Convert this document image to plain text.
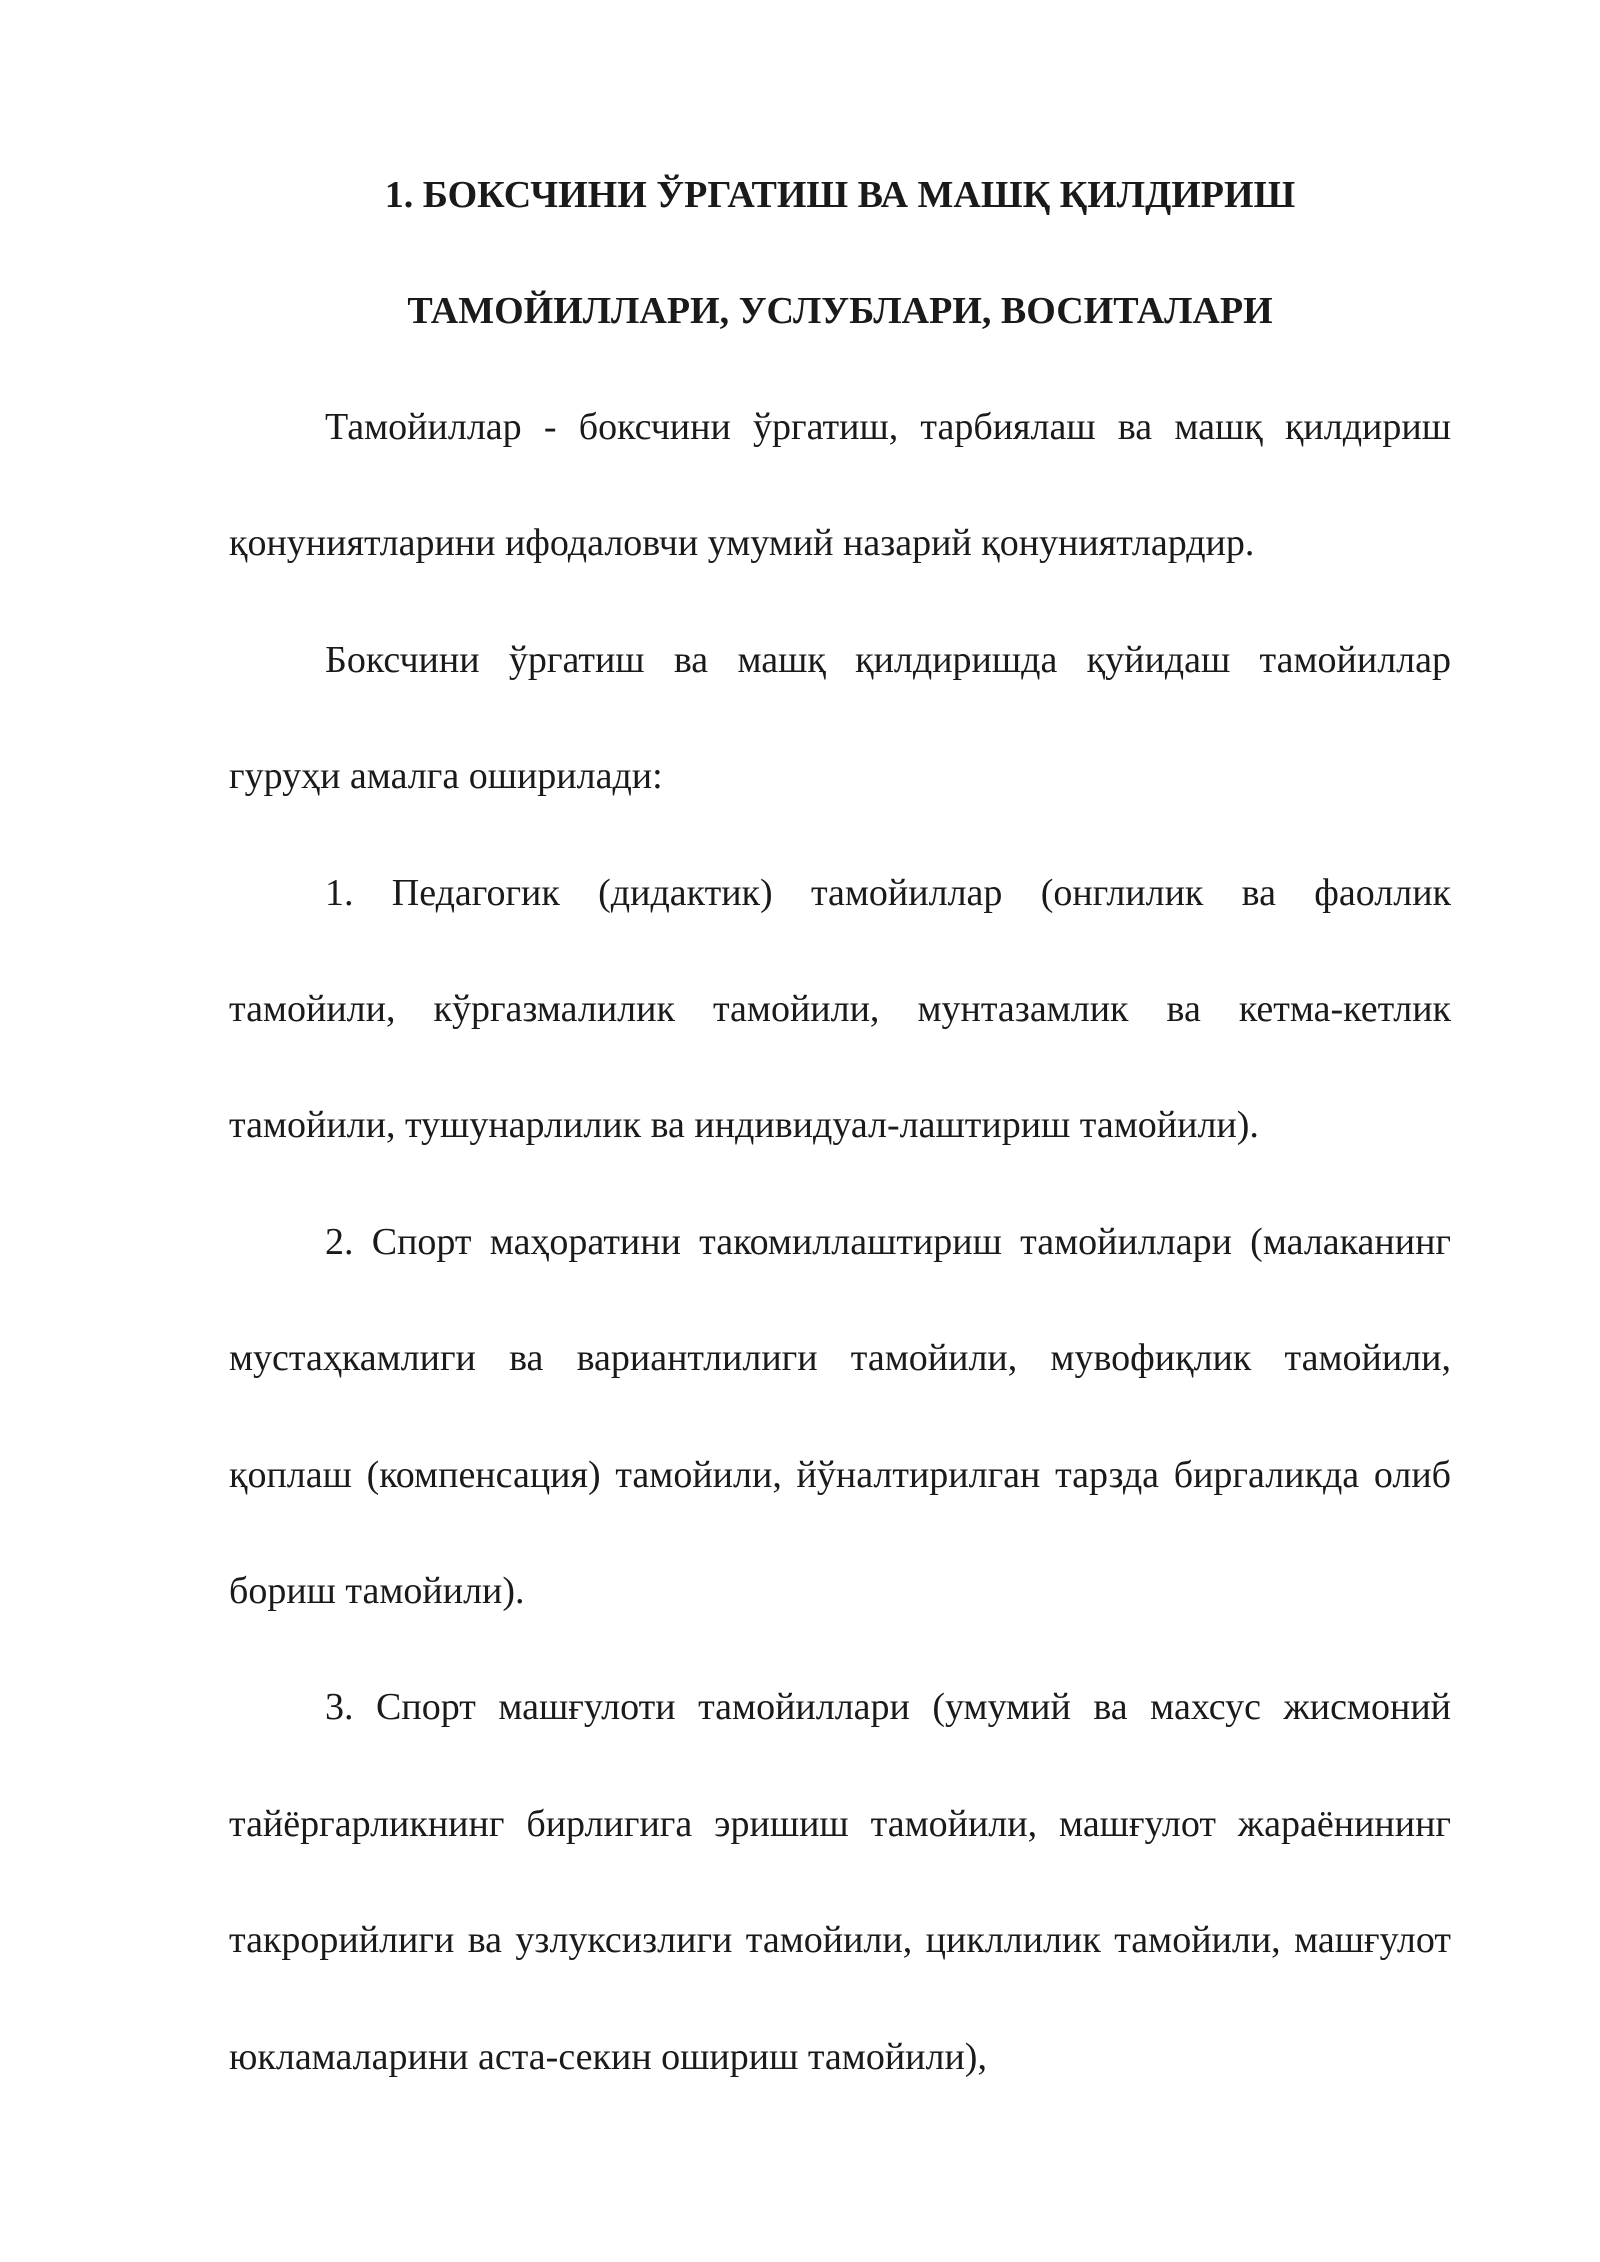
1. БОКСЧИНИ ЎРГАТИШ ВА МАШҚ ҚИЛДИРИШ

ТАМОЙИЛЛАРИ, УСЛУБЛАРИ, ВОСИТАЛАРИ

Тамойиллар - боксчини ўргатиш, тарбиялаш ва машқ қилдириш қонуниятларини ифодаловчи умумий назарий қонуниятлардир.

Боксчини ўргатиш ва машқ қилдиришда қуйидаш тамойиллар гуруҳи амалга оширилади:

1. Педагогик (дидактик) тамойиллар (онглилик ва фаоллик тамойили, кўргазмалилик тамойили, мунтазамлик ва кетма-кетлик тамойили, тушунарлилик ва индивидуал-лаштириш тамойили).

2. Спорт маҳоратини такомиллаштириш тамойиллари (малаканинг мустаҳкамлиги ва вариантлилиги тамойили, мувофиқлик тамойили, қоплаш (компенсация) тамойили, йўналтирилган тарзда биргаликда олиб бориш тамойили).

3. Спорт машғулоти тамойиллари (умумий ва махсус жисмоний тайёргарликнинг бирлигига эришиш тамойили, машғулот жараёнининг такрорийлиги ва узлуксизлиги тамойили, цикллилик тамойили, машғулот юкламаларини аста-секин ошириш тамойили),
